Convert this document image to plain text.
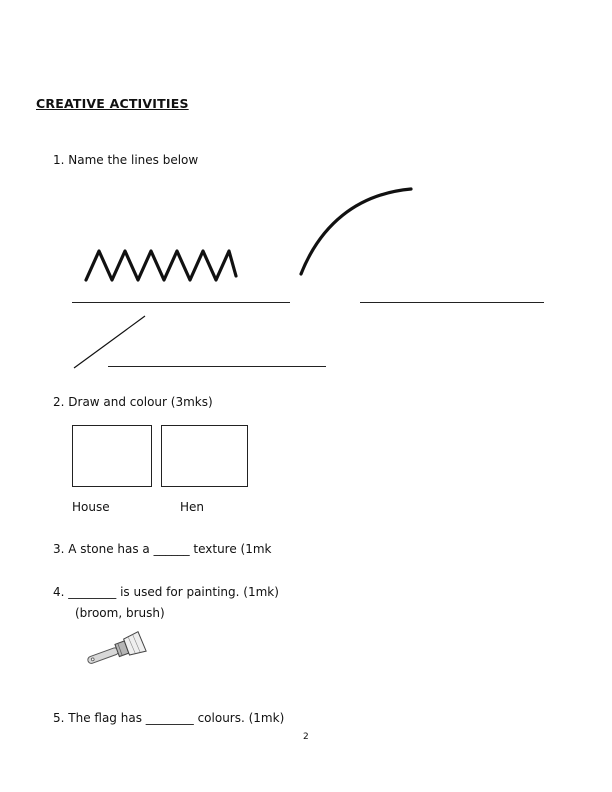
CREATIVE ACTIVITIES
1. Name the lines below
2. Draw and colour (3mks)
House	Hen
3. A stone has a ______ texture (1mk
4. ________ is used for painting. (1mk)
(broom, brush)
5. The flag has ________ colours. (1mk)
2
